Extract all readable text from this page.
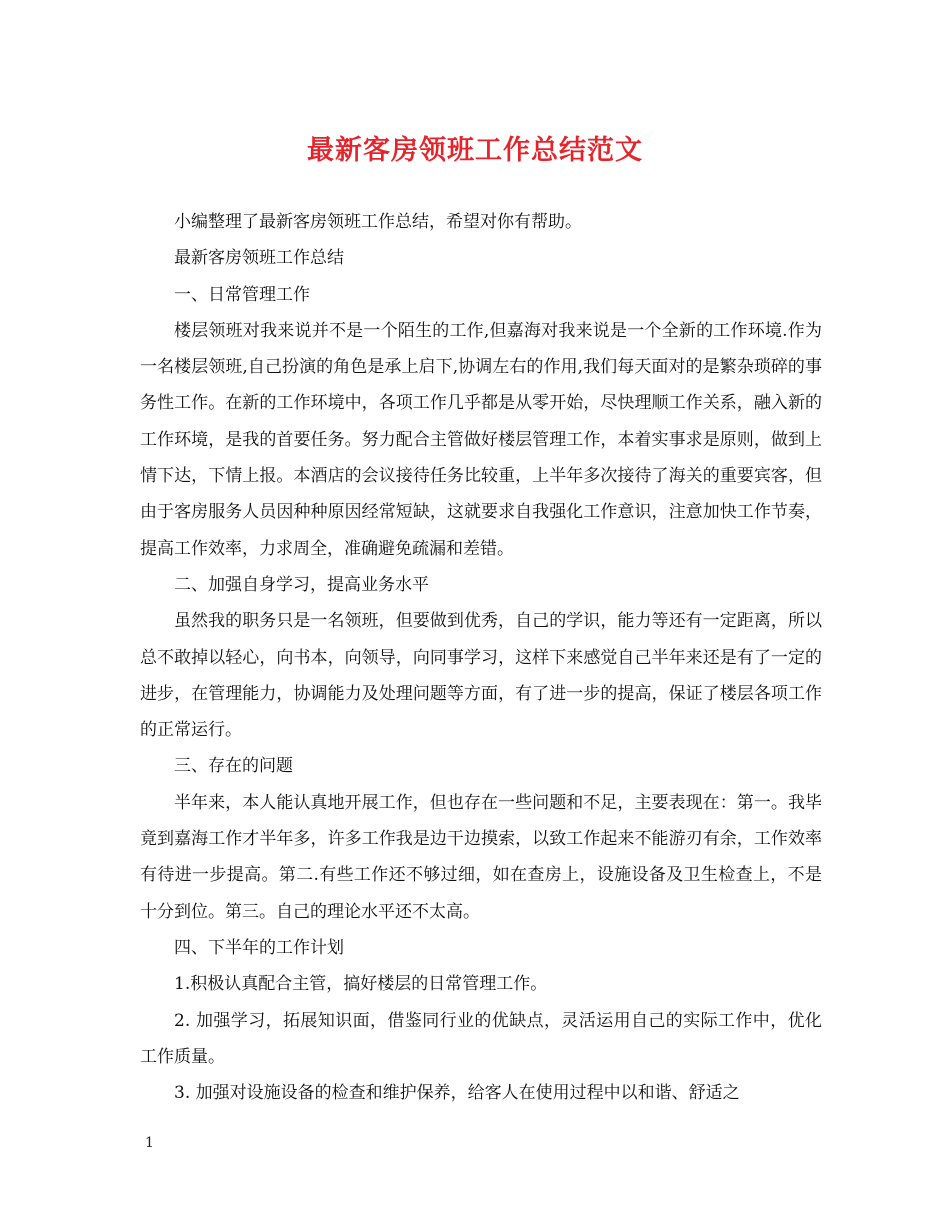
最新客房领班工作总结范文

小编整理了最新客房领班工作总结，希望对你有帮助。

最新客房领班工作总结

一、日常管理工作

楼层领班对我来说并不是一个陌生的工作,但嘉海对我来说是一个全新的工作环境.作为一名楼层领班,自己扮演的角色是承上启下,协调左右的作用,我们每天面对的是繁杂琐碎的事务性工作。在新的工作环境中，各项工作几乎都是从零开始，尽快理顺工作关系，融入新的工作环境，是我的首要任务。努力配合主管做好楼层管理工作，本着实事求是原则，做到上情下达，下情上报。本酒店的会议接待任务比较重，上半年多次接待了海关的重要宾客，但由于客房服务人员因种种原因经常短缺，这就要求自我强化工作意识，注意加快工作节奏，提高工作效率，力求周全，准确避免疏漏和差错。

二、加强自身学习，提高业务水平

虽然我的职务只是一名领班，但要做到优秀，自己的学识，能力等还有一定距离，所以总不敢掉以轻心，向书本，向领导，向同事学习，这样下来感觉自己半年来还是有了一定的进步，在管理能力，协调能力及处理问题等方面，有了进一步的提高，保证了楼层各项工作的正常运行。

三、存在的问题

半年来，本人能认真地开展工作，但也存在一些问题和不足，主要表现在：第一。我毕竟到嘉海工作才半年多，许多工作我是边干边摸索，以致工作起来不能游刃有余，工作效率有待进一步提高。第二.有些工作还不够过细，如在查房上，设施设备及卫生检查上，不是十分到位。第三。自己的理论水平还不太高。

四、下半年的工作计划

1.积极认真配合主管，搞好楼层的日常管理工作。

2. 加强学习，拓展知识面，借鉴同行业的优缺点，灵活运用自己的实际工作中，优化工作质量。

3. 加强对设施设备的检查和维护保养，给客人在使用过程中以和谐、舒适之

1
